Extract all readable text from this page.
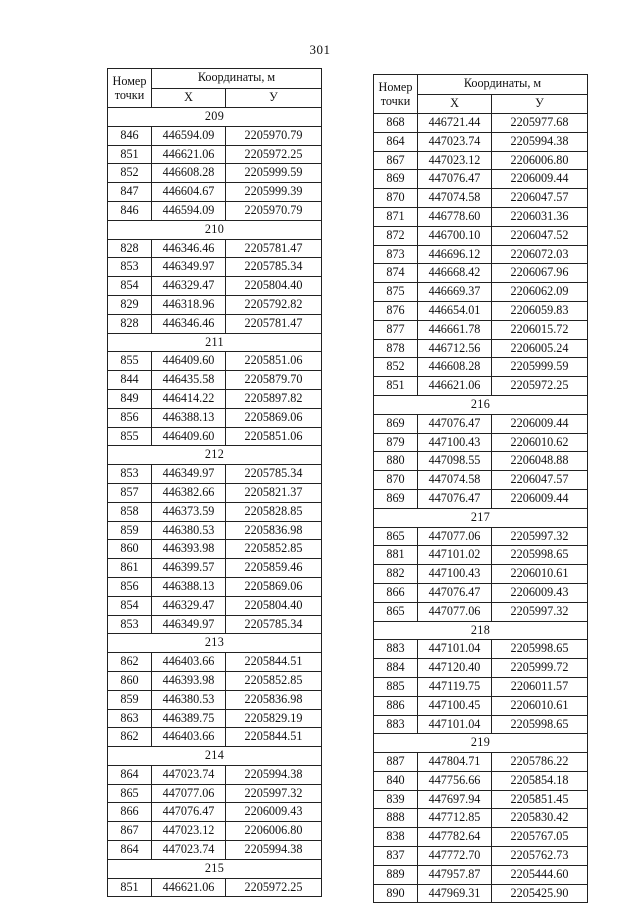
301
Номер
точки	Координаты, м	
	X	У
209		
846	446594.09	2205970.79
851	446621.06	2205972.25
852	446608.28	2205999.59
847	446604.67	2205999.39
846	446594.09	2205970.79
210		
828	446346.46	2205781.47
853	446349.97	2205785.34
854	446329.47	2205804.40
829	446318.96	2205792.82
828	446346.46	2205781.47
211		
855	446409.60	2205851.06
844	446435.58	2205879.70
849	446414.22	2205897.82
856	446388.13	2205869.06
855	446409.60	2205851.06
212		
853	446349.97	2205785.34
857	446382.66	2205821.37
858	446373.59	2205828.85
859	446380.53	2205836.98
860	446393.98	2205852.85
861	446399.57	2205859.46
856	446388.13	2205869.06
854	446329.47	2205804.40
853	446349.97	2205785.34
213		
862	446403.66	2205844.51
860	446393.98	2205852.85
859	446380.53	2205836.98
863	446389.75	2205829.19
862	446403.66	2205844.51
214		
864	447023.74	2205994.38
865	447077.06	2205997.32
866	447076.47	2206009.43
867	447023.12	2206006.80
864	447023.74	2205994.38
215		
851	446621.06	2205972.25
Номер
точки	Координаты, м	
	X	У
868	446721.44	2205977.68
864	447023.74	2205994.38
867	447023.12	2206006.80
869	447076.47	2206009.44
870	447074.58	2206047.57
871	446778.60	2206031.36
872	446700.10	2206047.52
873	446696.12	2206072.03
874	446668.42	2206067.96
875	446669.37	2206062.09
876	446654.01	2206059.83
877	446661.78	2206015.72
878	446712.56	2206005.24
852	446608.28	2205999.59
851	446621.06	2205972.25
216		
869	447076.47	2206009.44
879	447100.43	2206010.62
880	447098.55	2206048.88
870	447074.58	2206047.57
869	447076.47	2206009.44
217		
865	447077.06	2205997.32
881	447101.02	2205998.65
882	447100.43	2206010.61
866	447076.47	2206009.43
865	447077.06	2205997.32
218		
883	447101.04	2205998.65
884	447120.40	2205999.72
885	447119.75	2206011.57
886	447100.45	2206010.61
883	447101.04	2205998.65
219		
887	447804.71	2205786.22
840	447756.66	2205854.18
839	447697.94	2205851.45
888	447712.85	2205830.42
838	447782.64	2205767.05
837	447772.70	2205762.73
889	447957.87	2205444.60
890	447969.31	2205425.90
